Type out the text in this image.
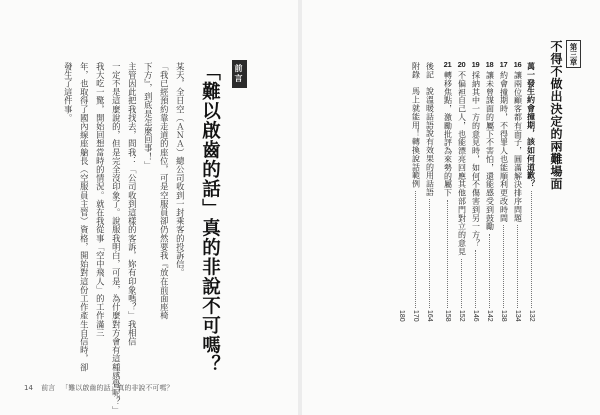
前言
「難以啟齒的話」真的非說不可嗎？
某天，全日空（ＡＮＡ）總公司收到一封乘客的投訴信。
「我已經預約靠走道的座位，可是空服員卻仍然要我『放在前面座椅
下方』，到底是怎麼回事！」
主管因此把我找去，問我：「公司收到這樣的客訴，妳有印象嗎？」我相信
一定不是這麼說的，但是完全沒印象了。說服我明白，可是，為什麼對方會有這種感覺呢？」
我大吃一驚，開始回想當時的情況。就在我從事「空中飛人」的工作滿三
年，也取得了國內線座艙長（空服員主管）資格，開始對這份工作產生自信時，卻
發生了這件事。
14 前言 「難以啟齒的話」真的非說不可嗎？
第三章
不得不做出決定的兩難場面
萬一發生約會撞期，該如何道歉？
132
16
讓兩位顧客都有面子，圓滿解決排序問題
134
17
約會撞期時，不得罪人也能順利更改時間
138
18
讓未曾謀面的屬下不害怕，還能感受到鼓勵
142
19
採納其中一方的意見時，如何不傷害到另一方？
146
20
不偏袒自己人，也能漂亮回應其他部門對立的意見
152
21
轉移焦點，激勵批評為來勢的屬下
158
後記　說溫暖話語說有效果的用話語
164
附錄　馬上就能用！轉換說話範例
170
180
